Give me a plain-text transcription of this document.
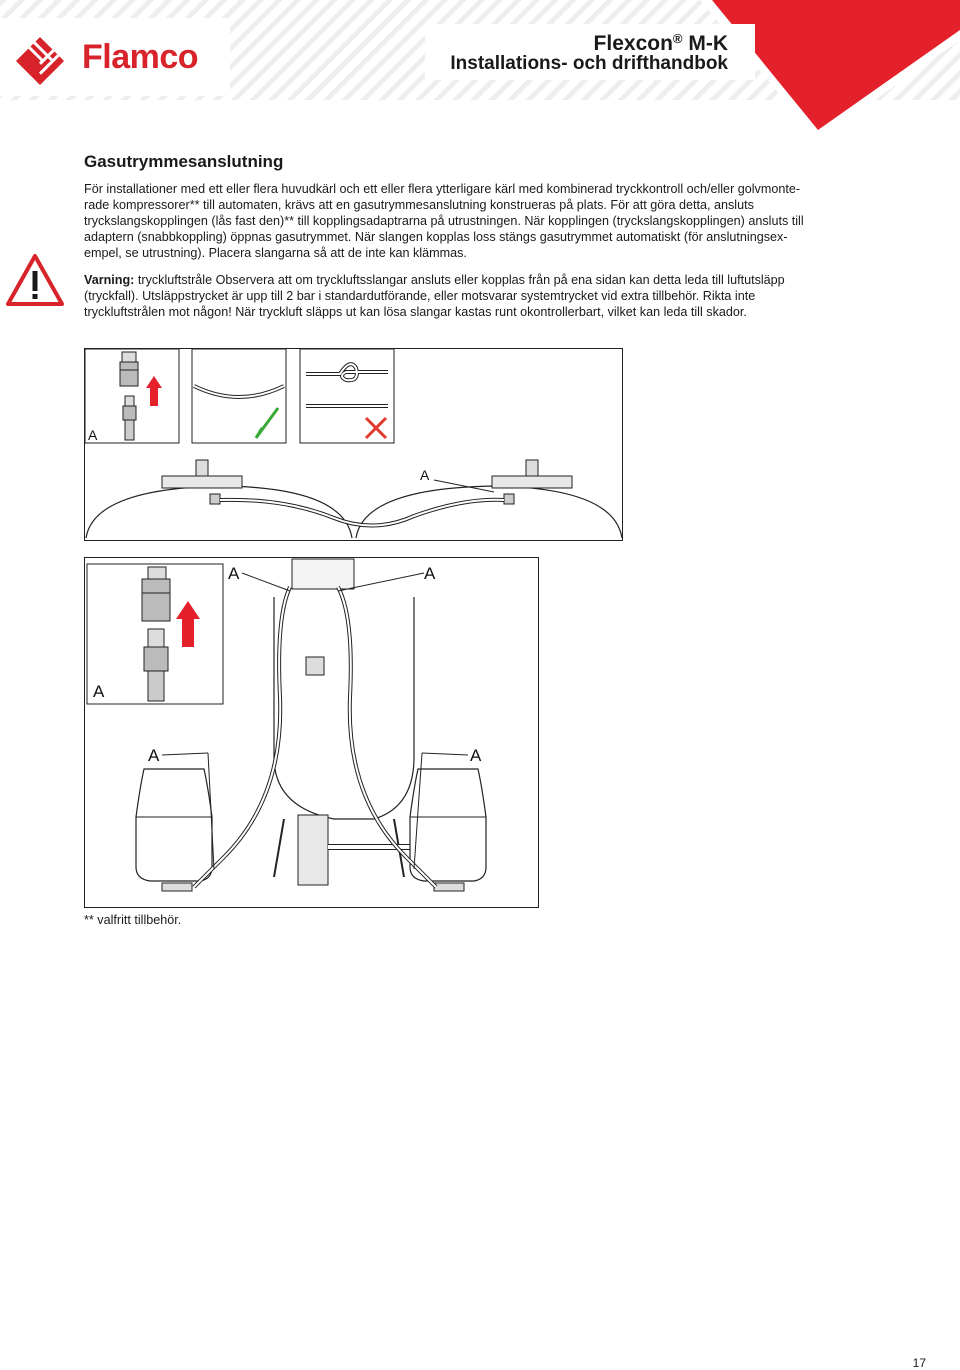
Flamco	Flexcon® M-K
Installations- och drifthandbok
Gasutrymmesanslutning
För installationer med ett eller flera huvudkärl och ett eller flera ytterligare kärl med kombinerad tryckkontroll och/eller golvmonte-
rade kompressorer** till automaten, krävs att en gasutrymmesanslutning konstrueras på plats. För att göra detta, ansluts
tryckslangskopplingen (lås fast den)** till kopplingsadaptrarna på utrustningen. När kopplingen (tryckslangskopplingen) ansluts till
adaptern (snabbkoppling) öppnas gasutrymmet. När slangen kopplas loss stängs gasutrymmet automatiskt (för anslutningsex-
empel, se utrustning). Placera slangarna så att de inte kan klämmas.
Varning: tryckluftstråle Observera att om tryckluftsslangar ansluts eller kopplas från på ena sidan kan detta leda till luftutsläpp
(tryckfall). Utsläppstrycket är upp till 2 bar i standardutförande, eller motsvarar systemtrycket vid extra tillbehör. Rikta inte
tryckluftstrålen mot någon! När tryckluft släpps ut kan lösa slangar kastas runt okontrollerbart, vilket kan leda till skador.
A
A
A
A	A
A	A
** valfritt tillbehör.
17
